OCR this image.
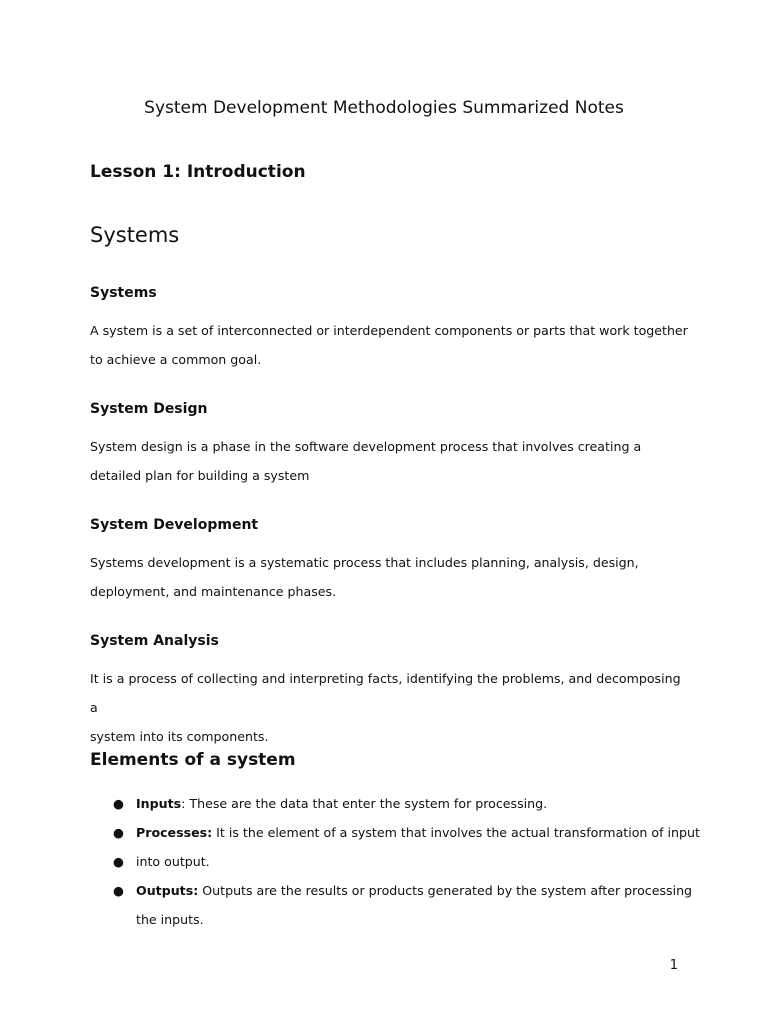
System Development Methodologies Summarized Notes
Lesson 1: Introduction
Systems
Systems
A system is a set of interconnected or interdependent components or parts that work together
to achieve a common goal.
System Design
System design is a phase in the software development process that involves creating a
detailed plan for building a system
System Development
Systems development is a systematic process that includes planning, analysis, design,
deployment, and maintenance phases.
System Analysis
It is a process of collecting and interpreting facts, identifying the problems, and decomposing a
system into its components.
Elements of a system
● Inputs: These are the data that enter the system for processing.
● Processes: It is the element of a system that involves the actual transformation of input
● into output.
● Outputs: Outputs are the results or products generated by the system after processing
the inputs.
1
